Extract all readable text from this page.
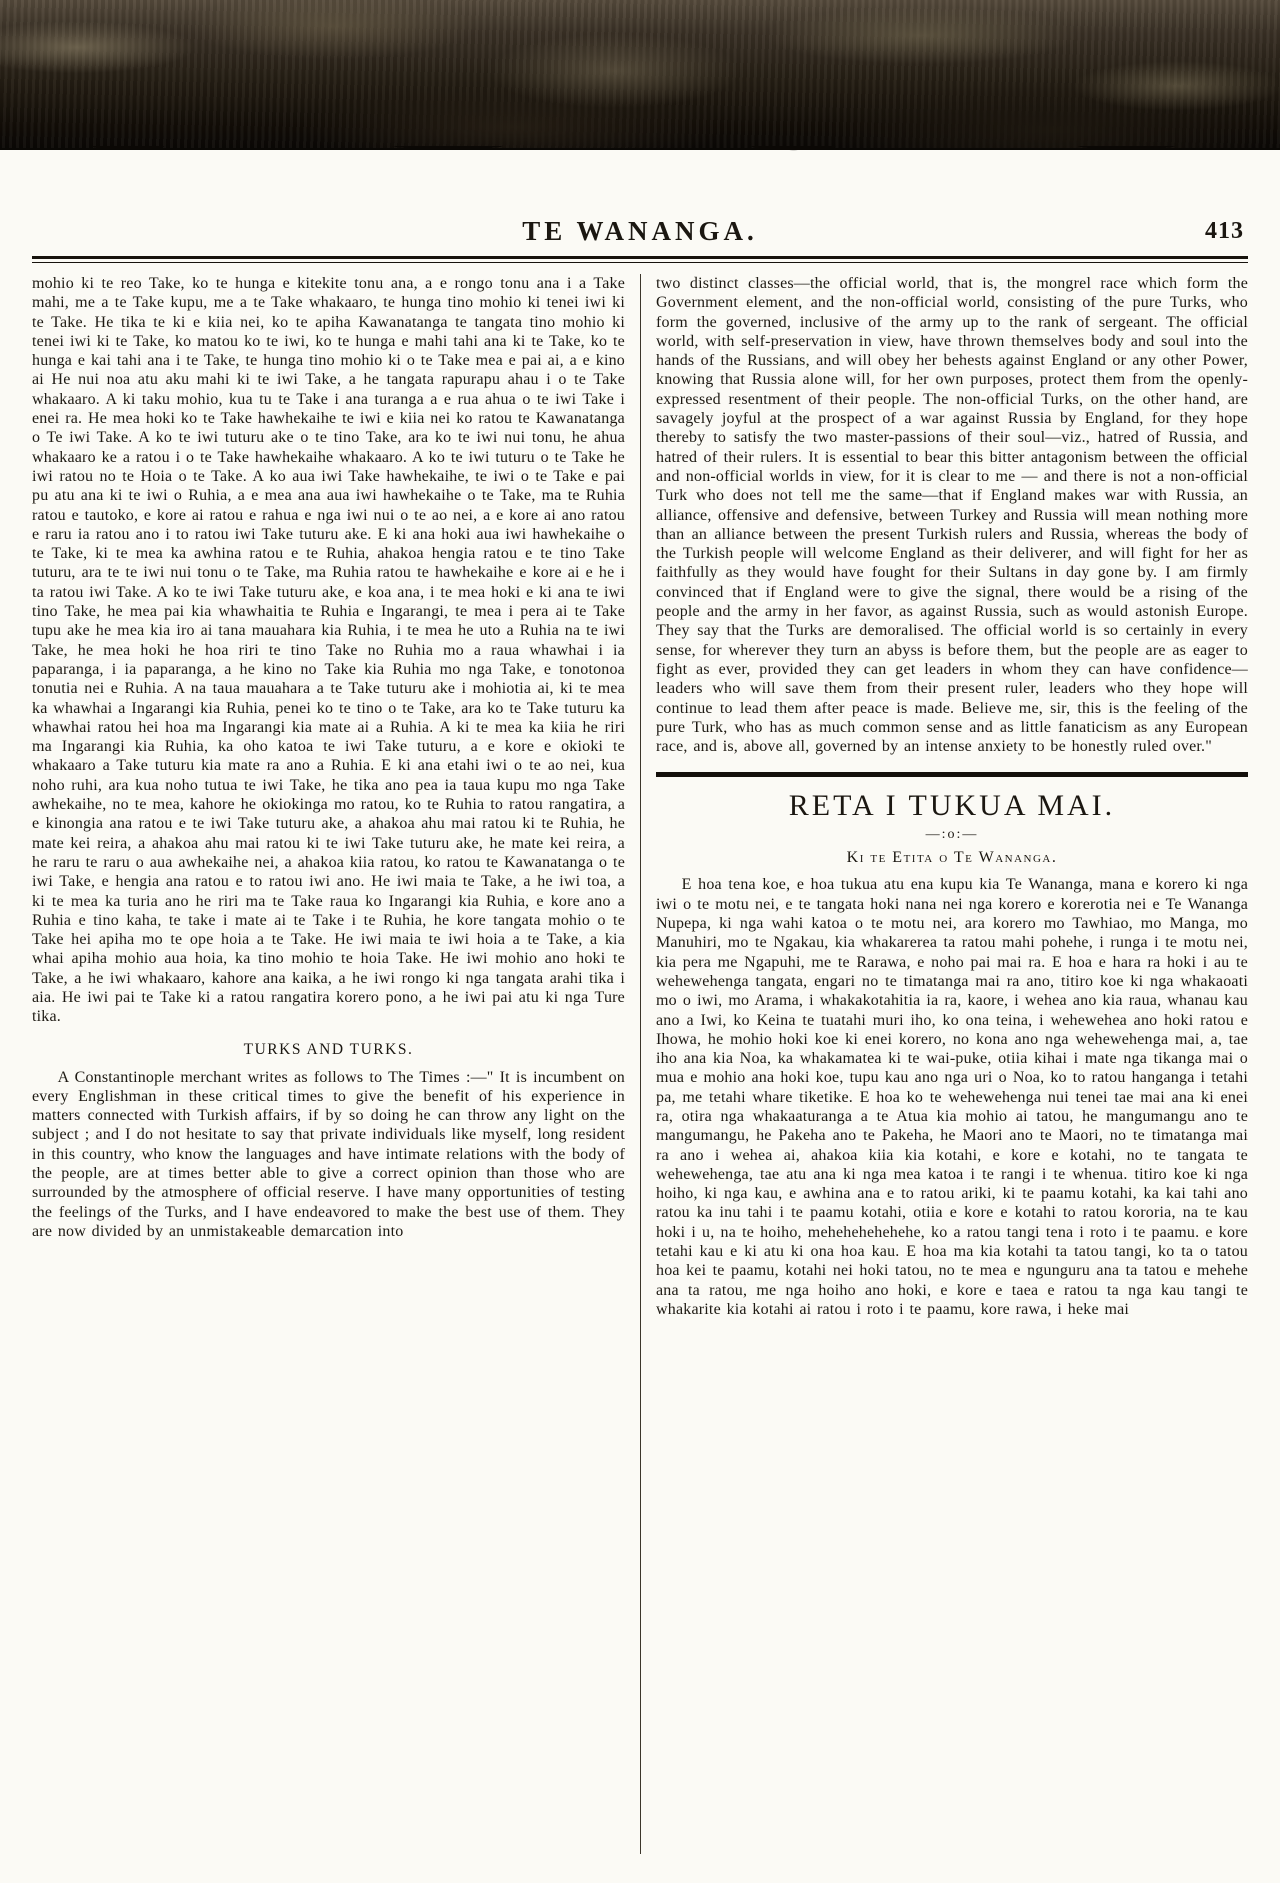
TE WANANGA.	413

mohio ki te reo Take, ko te hunga e kitekite tonu ana, a e rongo tonu ana i a Take mahi, me a te Take kupu, me a te Take whakaaro, te hunga tino mohio ki tenei iwi ki te Take. He tika te ki e kiia nei, ko te apiha Kawanatanga te tangata tino mohio ki tenei iwi ki te Take, ko matou ko te iwi, ko te hunga e mahi tahi ana ki te Take, ko te hunga e kai tahi ana i te Take, te hunga tino mohio ki o te Take mea e pai ai, a e kino ai He nui noa atu aku mahi ki te iwi Take, a he tangata rapurapu ahau i o te Take whakaaro. A ki taku mohio, kua tu te Take i ana turanga a e rua ahua o te iwi Take i enei ra. He mea hoki ko te Take hawhekaihe te iwi e kiia nei ko ratou te Kawanatanga o Te iwi Take. A ko te iwi tuturu ake o te tino Take, ara ko te iwi nui tonu, he ahua whakaaro ke a ratou i o te Take hawhekaihe whakaaro. A ko te iwi tuturu o te Take he iwi ratou no te Hoia o te Take. A ko aua iwi Take hawhekaihe, te iwi o te Take e pai pu atu ana ki te iwi o Ruhia, a e mea ana aua iwi hawhekaihe o te Take, ma te Ruhia ratou e tautoko, e kore ai ratou e rahua e nga iwi nui o te ao nei, a e kore ai ano ratou e raru ia ratou ano i to ratou iwi Take tuturu ake. E ki ana hoki aua iwi hawhekaihe o te Take, ki te mea ka awhina ratou e te Ruhia, ahakoa hengia ratou e te tino Take tuturu, ara te te iwi nui tonu o te Take, ma Ruhia ratou te hawhekaihe e kore ai e he i ta ratou iwi Take. A ko te iwi Take tuturu ake, e koa ana, i te mea hoki e ki ana te iwi tino Take, he mea pai kia whawhaitia te Ruhia e Ingarangi, te mea i pera ai te Take tupu ake he mea kia iro ai tana mauahara kia Ruhia, i te mea he uto a Ruhia na te iwi Take, he mea hoki he hoa riri te tino Take no Ruhia mo a raua whawhai i ia paparanga, i ia paparanga, a he kino no Take kia Ruhia mo nga Take, e tonotonoa tonutia nei e Ruhia. A na taua mauahara a te Take tuturu ake i mohiotia ai, ki te mea ka whawhai a Ingarangi kia Ruhia, penei ko te tino o te Take, ara ko te Take tuturu ka whawhai ratou hei hoa ma Ingarangi kia mate ai a Ruhia. A ki te mea ka kiia he riri ma Ingarangi kia Ruhia, ka oho katoa te iwi Take tuturu, a e kore e okioki te whakaaro a Take tuturu kia mate ra ano a Ruhia. E ki ana etahi iwi o te ao nei, kua noho ruhi, ara kua noho tutua te iwi Take, he tika ano pea ia taua kupu mo nga Take awhekaihe, no te mea, kahore he okiokinga mo ratou, ko te Ruhia to ratou rangatira, a e kinongia ana ratou e te iwi Take tuturu ake, a ahakoa ahu mai ratou ki te Ruhia, he mate kei reira, a ahakoa ahu mai ratou ki te iwi Take tuturu ake, he mate kei reira, a he raru te raru o aua awhekaihe nei, a ahakoa kiia ratou, ko ratou te Kawanatanga o te iwi Take, e hengia ana ratou e to ratou iwi ano. He iwi maia te Take, a he iwi toa, a ki te mea ka turia ano he riri ma te Take raua ko Ingarangi kia Ruhia, e kore ano a Ruhia e tino kaha, te take i mate ai te Take i te Ruhia, he kore tangata mohio o te Take hei apiha mo te ope hoia a te Take. He iwi maia te iwi hoia a te Take, a kia whai apiha mohio aua hoia, ka tino mohio te hoia Take. He iwi mohio ano hoki te Take, a he iwi whakaaro, kahore ana kaika, a he iwi rongo ki nga tangata arahi tika i aia. He iwi pai te Take ki a ratou rangatira korero pono, a he iwi pai atu ki nga Ture tika.

TURKS AND TURKS.

A Constantinople merchant writes as follows to The Times :—" It is incumbent on every Englishman in these critical times to give the benefit of his experience in matters connected with Turkish affairs, if by so doing he can throw any light on the subject ; and I do not hesitate to say that private individuals like myself, long resident in this country, who know the languages and have intimate relations with the body of the people, are at times better able to give a correct opinion than those who are surrounded by the atmosphere of official reserve. I have many opportunities of testing the feelings of the Turks, and I have endeavored to make the best use of them. They are now divided by an unmistakeable demarcation into

two distinct classes—the official world, that is, the mongrel race which form the Government element, and the non-official world, consisting of the pure Turks, who form the governed, inclusive of the army up to the rank of sergeant. The official world, with self-preservation in view, have thrown themselves body and soul into the hands of the Russians, and will obey her behests against England or any other Power, knowing that Russia alone will, for her own purposes, protect them from the openly-expressed resentment of their people. The non-official Turks, on the other hand, are savagely joyful at the prospect of a war against Russia by England, for they hope thereby to satisfy the two master-passions of their soul—viz., hatred of Russia, and hatred of their rulers. It is essential to bear this bitter antagonism between the official and non-official worlds in view, for it is clear to me — and there is not a non-official Turk who does not tell me the same—that if England makes war with Russia, an alliance, offensive and defensive, between Turkey and Russia will mean nothing more than an alliance between the present Turkish rulers and Russia, whereas the body of the Turkish people will welcome England as their deliverer, and will fight for her as faithfully as they would have fought for their Sultans in day gone by. I am firmly convinced that if England were to give the signal, there would be a rising of the people and the army in her favor, as against Russia, such as would astonish Europe. They say that the Turks are demoralised. The official world is so certainly in every sense, for wherever they turn an abyss is before them, but the people are as eager to fight as ever, provided they can get leaders in whom they can have confidence—leaders who will save them from their present ruler, leaders who they hope will continue to lead them after peace is made. Believe me, sir, this is the feeling of the pure Turk, who has as much common sense and as little fanaticism as any European race, and is, above all, governed by an intense anxiety to be honestly ruled over."

RETA I TUKUA MAI.
—:o:—
Ki te Etita o Te Wananga.

E hoa tena koe, e hoa tukua atu ena kupu kia Te Wananga, mana e korero ki nga iwi o te motu nei, e te tangata hoki nana nei nga korero e korerotia nei e Te Wananga Nupepa, ki nga wahi katoa o te motu nei, ara korero mo Tawhiao, mo Manga, mo Manuhiri, mo te Ngakau, kia whakarerea ta ratou mahi pohehe, i runga i te motu nei, kia pera me Ngapuhi, me te Rarawa, e noho pai mai ra. E hoa e hara ra hoki i au te wehewehenga tangata, engari no te timatanga mai ra ano, titiro koe ki nga whakaoati mo o iwi, mo Arama, i whakakotahitia ia ra, kaore, i wehea ano kia raua, whanau kau ano a Iwi, ko Keina te tuatahi muri iho, ko ona teina, i wehewehea ano hoki ratou e Ihowa, he mohio hoki koe ki enei korero, no kona ano nga wehewehenga mai, a, tae iho ana kia Noa, ka whakamatea ki te wai-puke, otiia kihai i mate nga tikanga mai o mua e mohio ana hoki koe, tupu kau ano nga uri o Noa, ko to ratou hanganga i tetahi pa, me tetahi whare tiketike. E hoa ko te wehewehenga nui tenei tae mai ana ki enei ra, otira nga whakaaturanga a te Atua kia mohio ai tatou, he mangumangu ano te mangumangu, he Pakeha ano te Pakeha, he Maori ano te Maori, no te timatanga mai ra ano i wehea ai, ahakoa kiia kia kotahi, e kore e kotahi, no te tangata te wehewehenga, tae atu ana ki nga mea katoa i te rangi i te whenua. titiro koe ki nga hoiho, ki nga kau, e awhina ana e to ratou ariki, ki te paamu kotahi, ka kai tahi ano ratou ka inu tahi i te paamu kotahi, otiia e kore e kotahi to ratou kororia, na te kau hoki i u, na te hoiho, mehehehehehehe, ko a ratou tangi tena i roto i te paamu. e kore tetahi kau e ki atu ki ona hoa kau. E hoa ma kia kotahi ta tatou tangi, ko ta o tatou hoa kei te paamu, kotahi nei hoki tatou, no te mea e ngunguru ana ta tatou e mehehe ana ta ratou, me nga hoiho ano hoki, e kore e taea e ratou ta nga kau tangi te whakarite kia kotahi ai ratou i roto i te paamu, kore rawa, i heke mai
